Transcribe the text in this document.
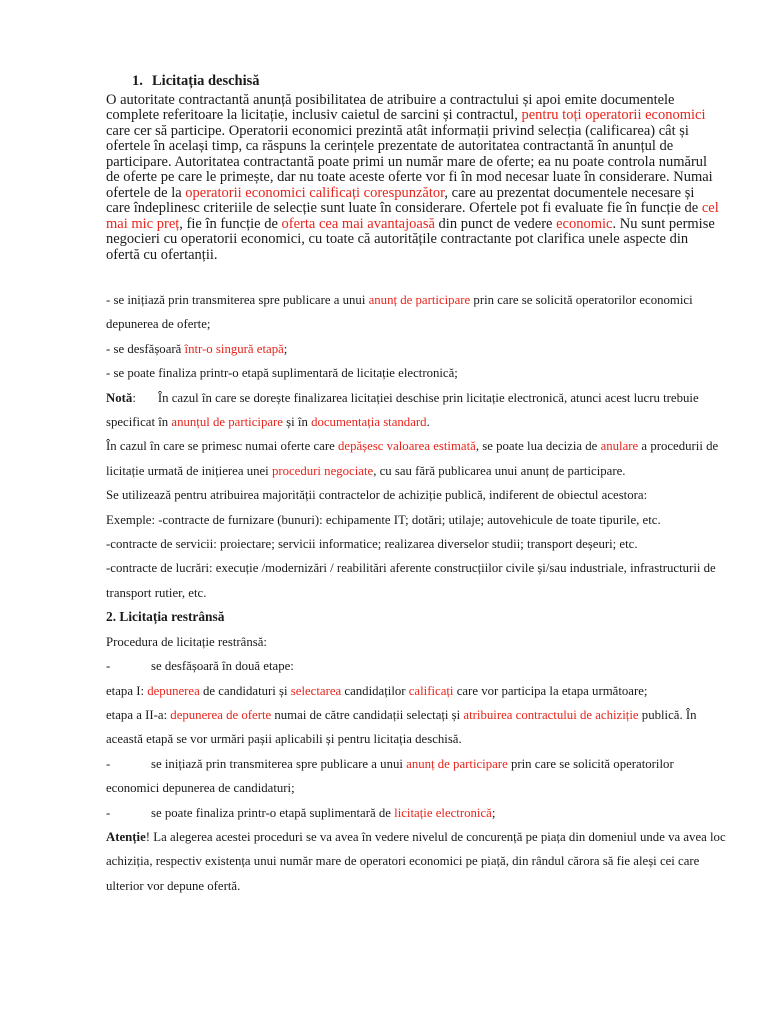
1. Licitația deschisă

O autoritate contractantă anunță posibilitatea de atribuire a contractului și apoi emite documentele complete referitoare la licitație, inclusiv caietul de sarcini și contractul, pentru toți operatorii economici care cer să participe. Operatorii economici prezintă atât informații privind selecția (calificarea) cât și ofertele în același timp, ca răspuns la cerințele prezentate de autoritatea contractantă în anunțul de participare. Autoritatea contractantă poate primi un număr mare de oferte; ea nu poate controla numărul de oferte pe care le primește, dar nu toate aceste oferte vor fi în mod necesar luate în considerare. Numai ofertele de la operatorii economici calificați corespunzător, care au prezentat documentele necesare și care îndeplinesc criteriile de selecție sunt luate în considerare. Ofertele pot fi evaluate fie în funcție de cel mai mic preț, fie în funcție de oferta cea mai avantajoasă din punct de vedere economic. Nu sunt permise negocieri cu operatorii economici, cu toate că autoritățile contractante pot clarifica unele aspecte din ofertă cu ofertanții.

- se inițiază prin transmiterea spre publicare a unui anunț de participare prin care se solicită operatorilor economici depunerea de oferte;

- se desfășoară într-o singură etapă;

- se poate finaliza printr-o etapă suplimentară de licitație electronică;

Notă: În cazul în care se dorește finalizarea licitației deschise prin licitație electronică, atunci acest lucru trebuie specificat în anunțul de participare și în documentația standard.

În cazul în care se primesc numai oferte care depășesc valoarea estimată, se poate lua decizia de anulare a procedurii de licitație urmată de inițierea unei proceduri negociate, cu sau fără publicarea unui anunț de participare.

Se utilizează pentru atribuirea majorității contractelor de achiziție publică, indiferent de obiectul acestora:

Exemple: -contracte de furnizare (bunuri): echipamente IT; dotări; utilaje; autovehicule de toate tipurile, etc.

-contracte de servicii: proiectare; servicii informatice; realizarea diverselor studii; transport deșeuri; etc.

-contracte de lucrări: execuție /modernizări / reabilitări aferente construcțiilor civile și/sau industriale, infrastructurii de transport rutier, etc.

2. Licitația restrânsă

Procedura de licitație restrânsă:

-	se desfășoară în două etape:

etapa I: depunerea de candidaturi și selectarea candidaților calificați care vor participa la etapa următoare;

etapa a II-a: depunerea de oferte numai de către candidații selectați și atribuirea contractului de achiziție publică. În această etapă se vor urmări pașii aplicabili și pentru licitația deschisă.

-	se inițiază prin transmiterea spre publicare a unui anunț de participare prin care se solicită operatorilor economici depunerea de candidaturi;

-	se poate finaliza printr-o etapă suplimentară de licitație electronică;

Atenție! La alegerea acestei proceduri se va avea în vedere nivelul de concurență pe piața din domeniul unde va avea loc achiziția, respectiv existența unui număr mare de operatori economici pe piață, din rândul cărora să fie aleși cei care ulterior vor depune ofertă.
